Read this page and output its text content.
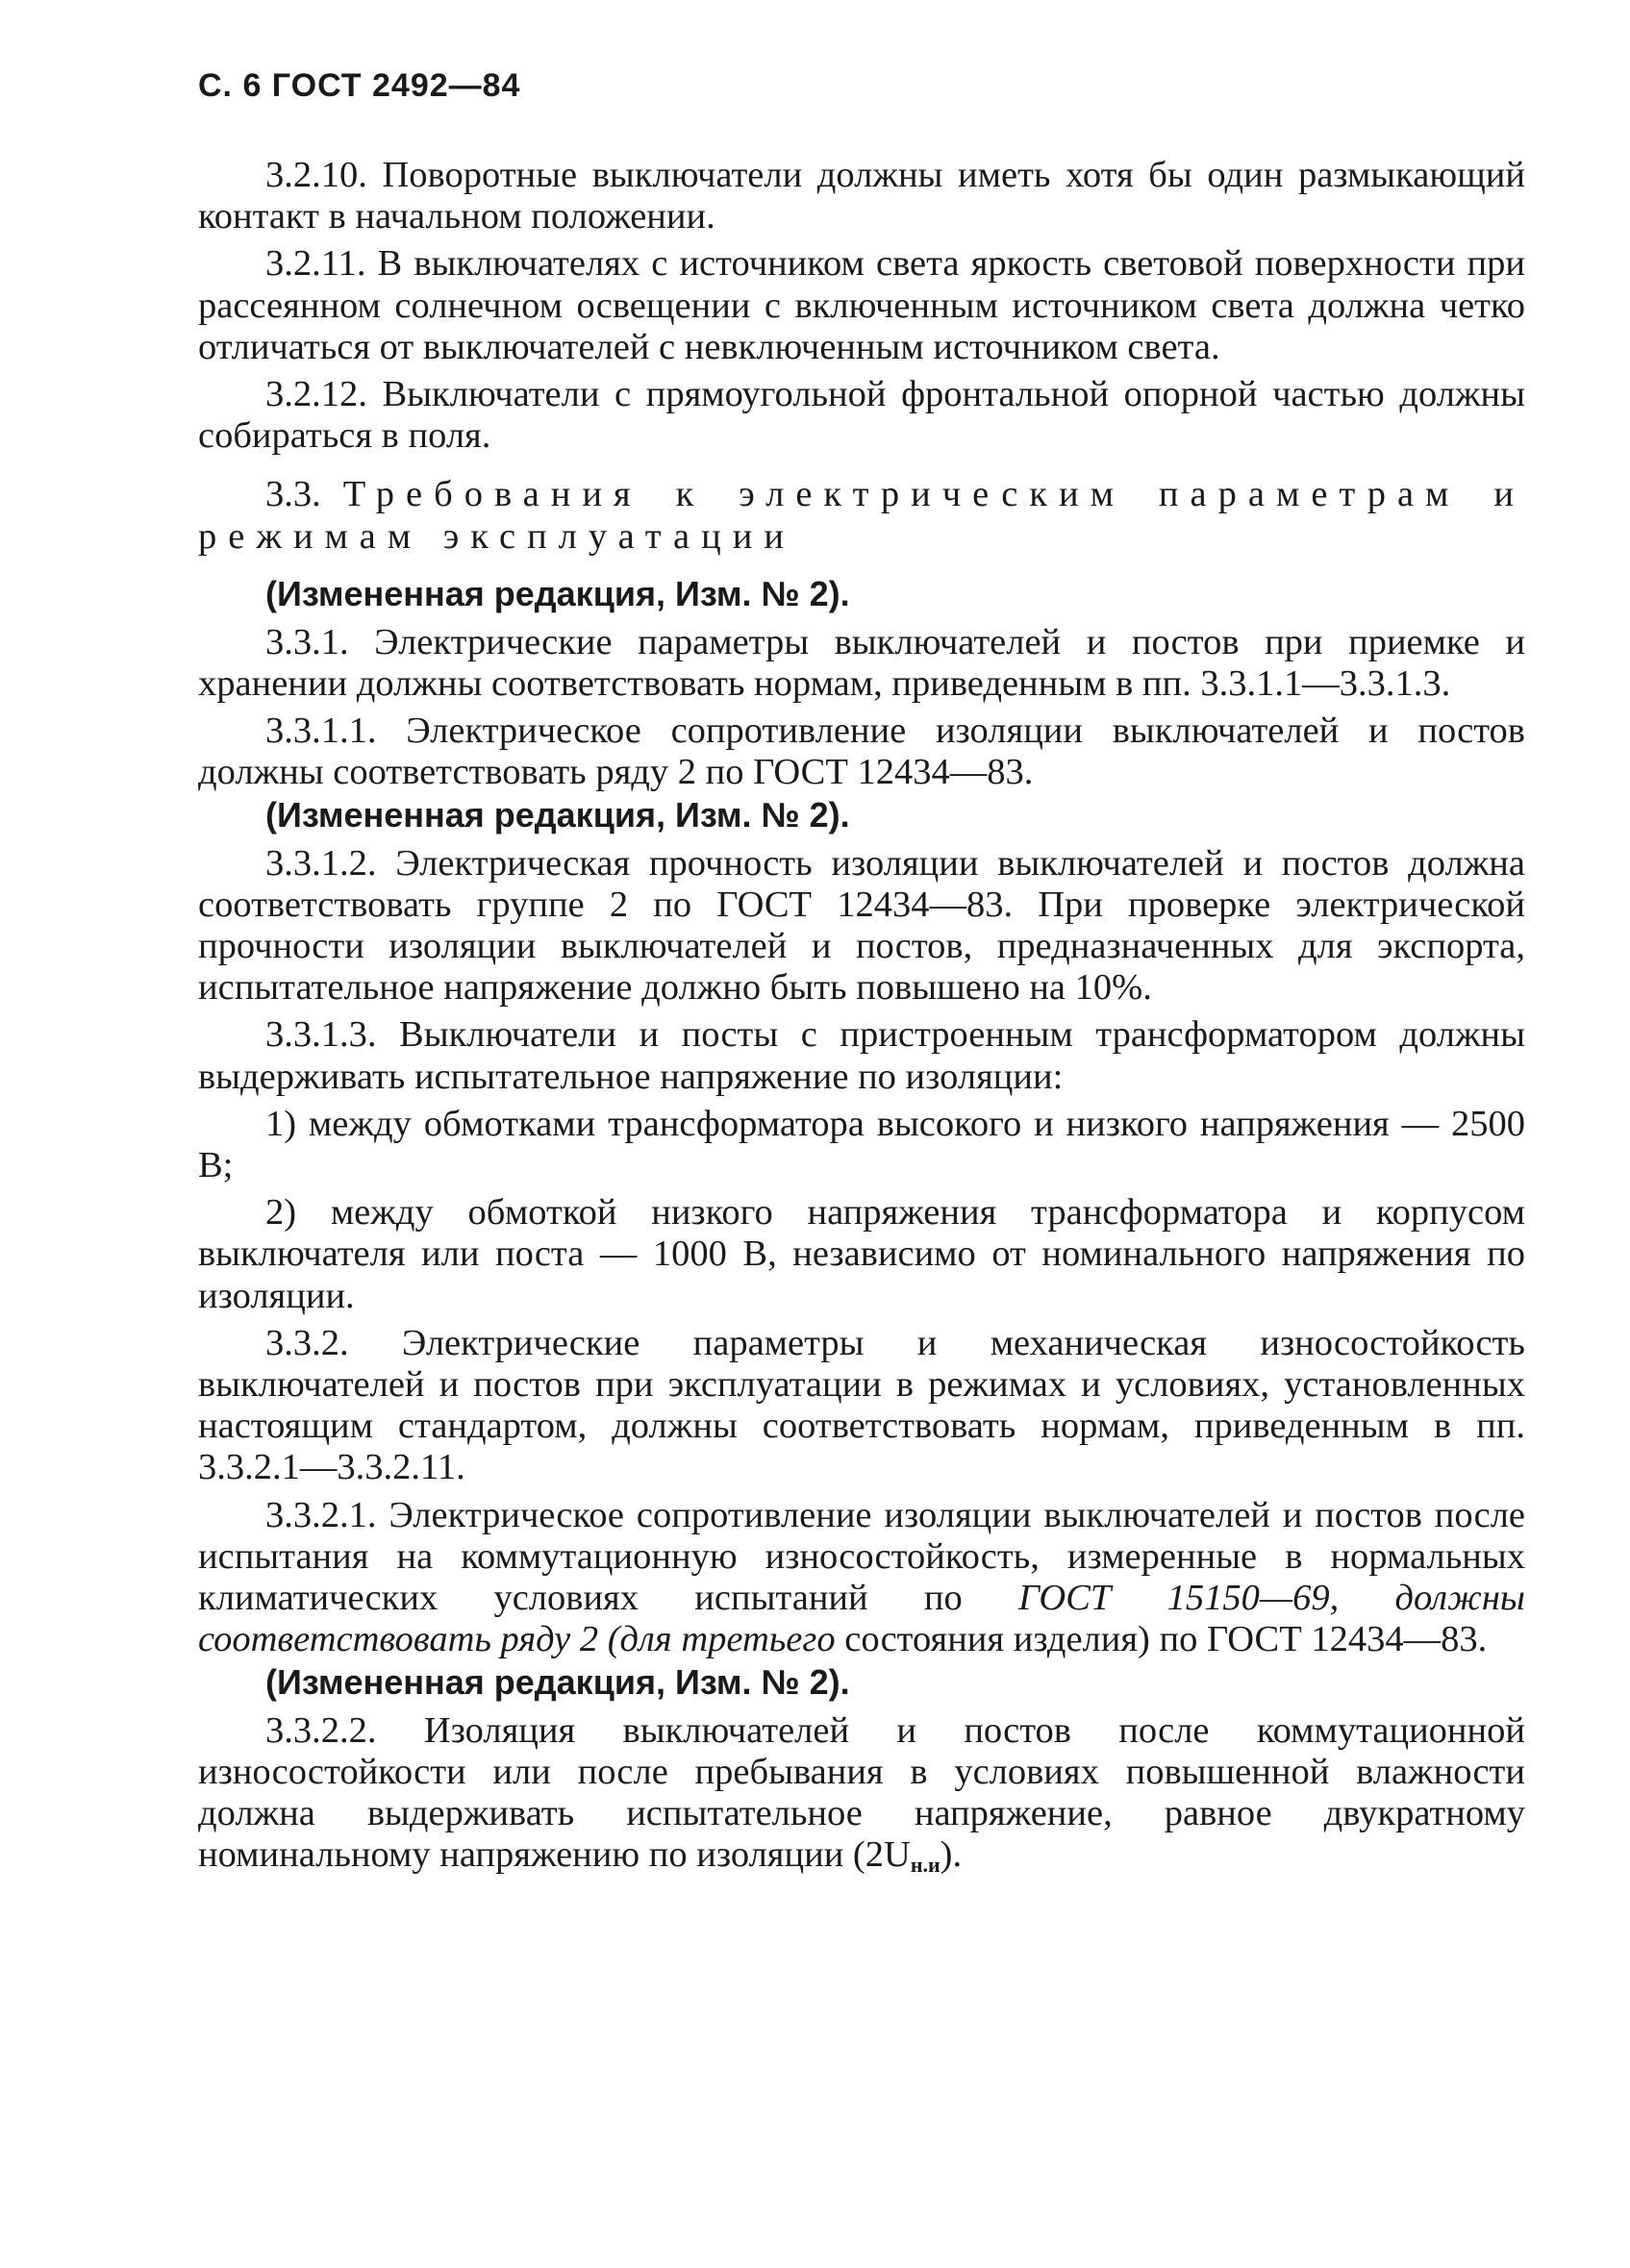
С. 6 ГОСТ 2492—84

3.2.10. Поворотные выключатели должны иметь хотя бы один размыкающий контакт в начальном положении.

3.2.11. В выключателях с источником света яркость световой поверхности при рассеянном солнечном освещении с включенным источником света должна четко отличаться от выключателей с невключенным источником света.

3.2.12. Выключатели с прямоугольной фронтальной опорной частью должны собираться в поля.

3.3. Требования к электрическим параметрам и режимам эксплуатации

(Измененная редакция, Изм. № 2).

3.3.1. Электрические параметры выключателей и постов при приемке и хранении должны соответствовать нормам, приведенным в пп. 3.3.1.1—3.3.1.3.

3.3.1.1. Электрическое сопротивление изоляции выключателей и постов должны соответствовать ряду 2 по ГОСТ 12434—83.

(Измененная редакция, Изм. № 2).

3.3.1.2. Электрическая прочность изоляции выключателей и постов должна соответствовать группе 2 по ГОСТ 12434—83. При проверке электрической прочности изоляции выключателей и постов, предназначенных для экспорта, испытательное напряжение должно быть повышено на 10%.

3.3.1.3. Выключатели и посты с пристроенным трансформатором должны выдерживать испытательное напряжение по изоляции:

1) между обмотками трансформатора высокого и низкого напряжения — 2500 В;

2) между обмоткой низкого напряжения трансформатора и корпусом выключателя или поста — 1000 В, независимо от номинального напряжения по изоляции.

3.3.2. Электрические параметры и механическая износостойкость выключателей и постов при эксплуатации в режимах и условиях, установленных настоящим стандартом, должны соответствовать нормам, приведенным в пп. 3.3.2.1—3.3.2.11.

3.3.2.1. Электрическое сопротивление изоляции выключателей и постов после испытания на коммутационную износостойкость, измеренные в нормальных климатических условиях испытаний по ГОСТ 15150—69, должны соответствовать ряду 2 (для третьего состояния изделия) по ГОСТ 12434—83.

(Измененная редакция, Изм. № 2).

3.3.2.2. Изоляция выключателей и постов после коммутационной износостойкости или после пребывания в условиях повышенной влажности должна выдерживать испытательное напряжение, равное двукратному номинальному напряжению по изоляции $(2U_{н.и})$.
